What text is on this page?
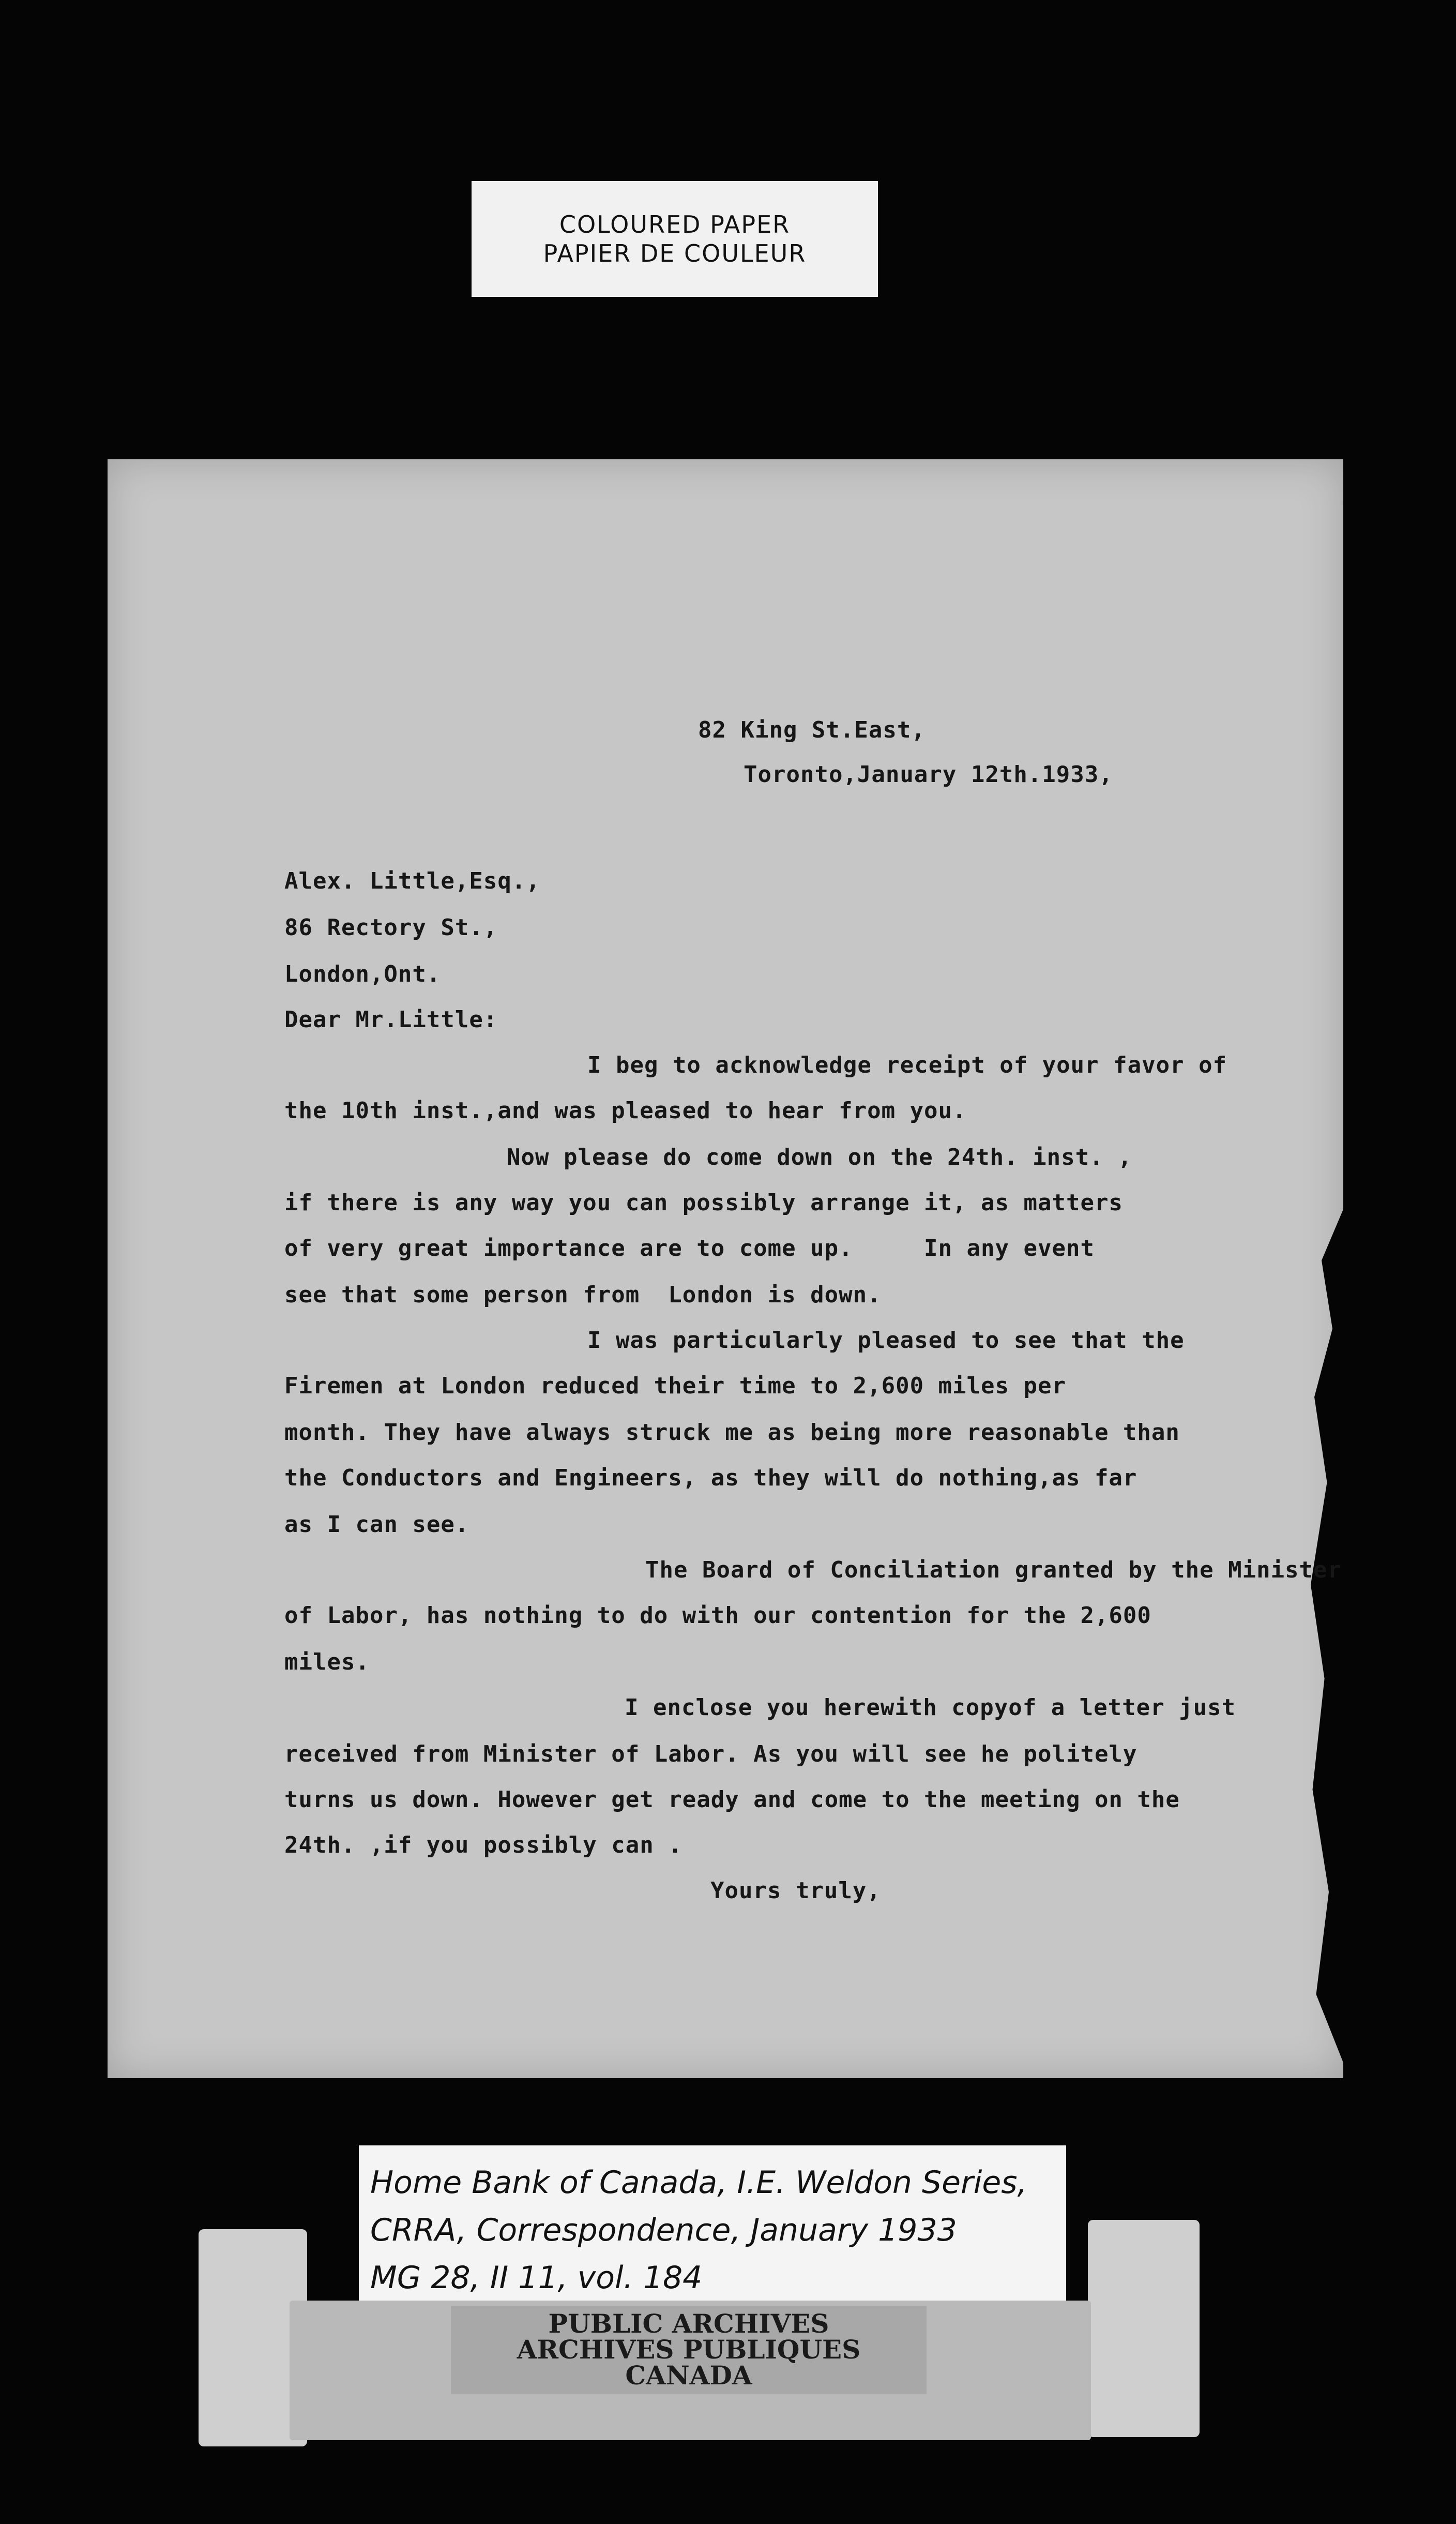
COLOURED PAPER
PAPIER DE COULEUR
82 King St.East,
Toronto,January 12th.1933,
Alex. Little,Esq.,
86 Rectory St.,
London,Ont.
Dear Mr.Little:
I beg to acknowledge receipt of your favor of
the 10th inst.,and was pleased to hear from you.
Now please do come down on the 24th. inst. ,
if there is any way you can possibly arrange it, as matters
of very great importance are to come up.     In any event
see that some person from  London is down.
I was particularly pleased to see that the
Firemen at London reduced their time to 2,600 miles per
month. They have always struck me as being more reasonable than
the Conductors and Engineers, as they will do nothing,as far
as I can see.
The Board of Conciliation granted by the Minister
of Labor, has nothing to do with our contention for the 2,600
miles.
I enclose you herewith copyof a letter just
received from Minister of Labor. As you will see he politely
turns us down. However get ready and come to the meeting on the
24th. ,if you possibly can .
Yours truly,
Home Bank of Canada, I.E. Weldon Series,
CRRA, Correspondence, January 1933
MG 28, II 11, vol. 184
PUBLIC ARCHIVES
ARCHIVES PUBLIQUES
CANADA
